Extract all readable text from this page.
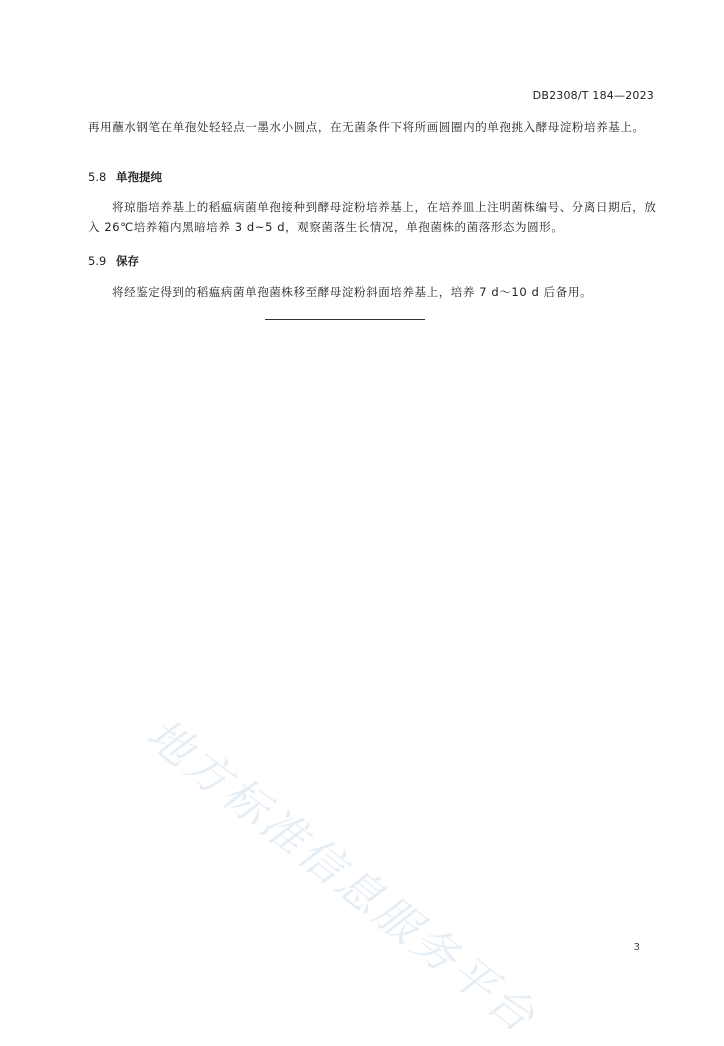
DB2308/T 184—2023
再用蘸水钢笔在单孢处轻轻点一墨水小圆点，在无菌条件下将所画圆圈内的单孢挑入酵母淀粉培养基上。
5.8 单孢提纯
将琼脂培养基上的稻瘟病菌单孢接种到酵母淀粉培养基上，在培养皿上注明菌株编号、分离日期后，放入 26℃培养箱内黑暗培养 3 d~5 d，观察菌落生长情况，单孢菌株的菌落形态为圆形。
5.9 保存
将经鉴定得到的稻瘟病菌单孢菌株移至酵母淀粉斜面培养基上，培养 7 d～10 d 后备用。
地方标准信息服务平台	3
